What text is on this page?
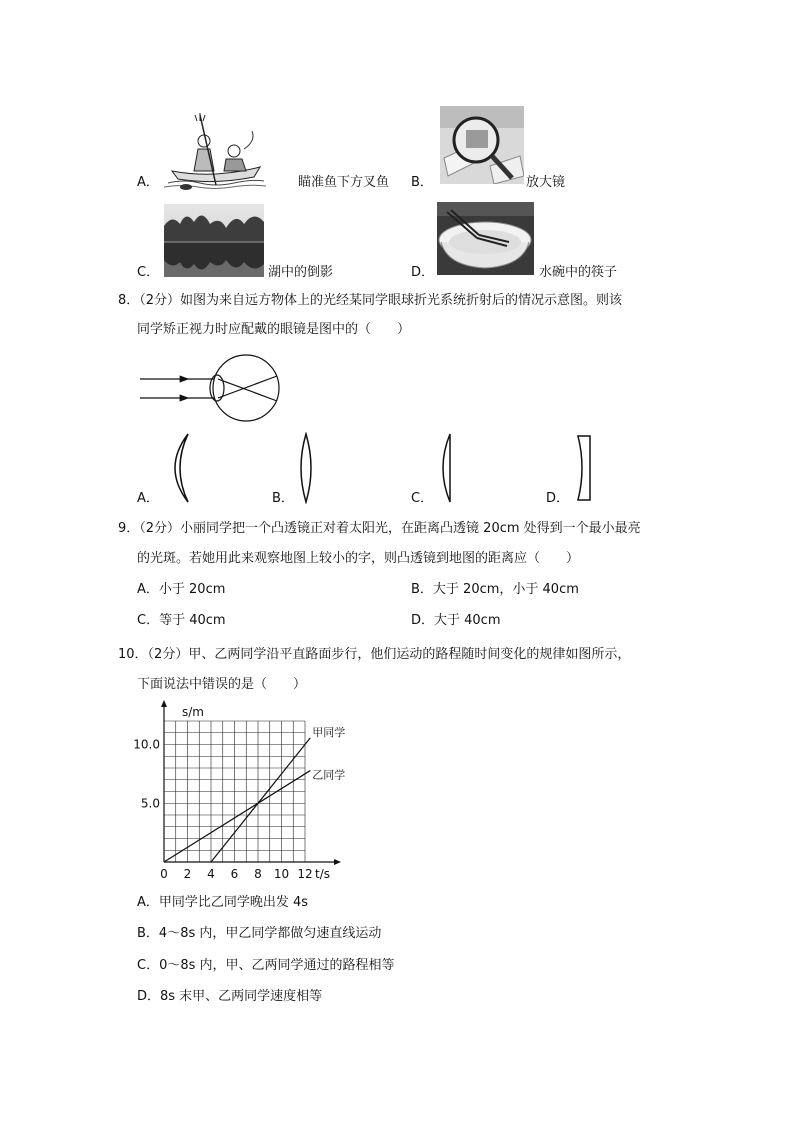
A．	瞄准鱼下方叉鱼 B．	放大镜
C．	湖中的倒影	D．	水碗中的筷子
8．（2分）如图为来自远方物体上的光经某同学眼球折光系统折射后的情况示意图。则该
同学矫正视力时应配戴的眼镜是图中的（　　）
A．	B．	C．	D．
9．（2分）小丽同学把一个凸透镜正对着太阳光，在距离凸透镜 20cm 处得到一个最小最亮
的光斑。若她用此来观察地图上较小的字，则凸透镜到地图的距离应（　　）
A．小于 20cm	B．大于 20cm，小于 40cm
C．等于 40cm	D．大于 40cm
10．（2分）甲、乙两同学沿平直路面步行，他们运动的路程随时间变化的规律如图所示，
下面说法中错误的是（　　）
s/m
t/s
0 2 4 6 8 10 12
5.0
10.0
甲同学
乙同学
A．甲同学比乙同学晚出发 4s
B．4～8s 内，甲乙同学都做匀速直线运动
C．0～8s 内，甲、乙两同学通过的路程相等
D．8s 末甲、乙两同学速度相等
